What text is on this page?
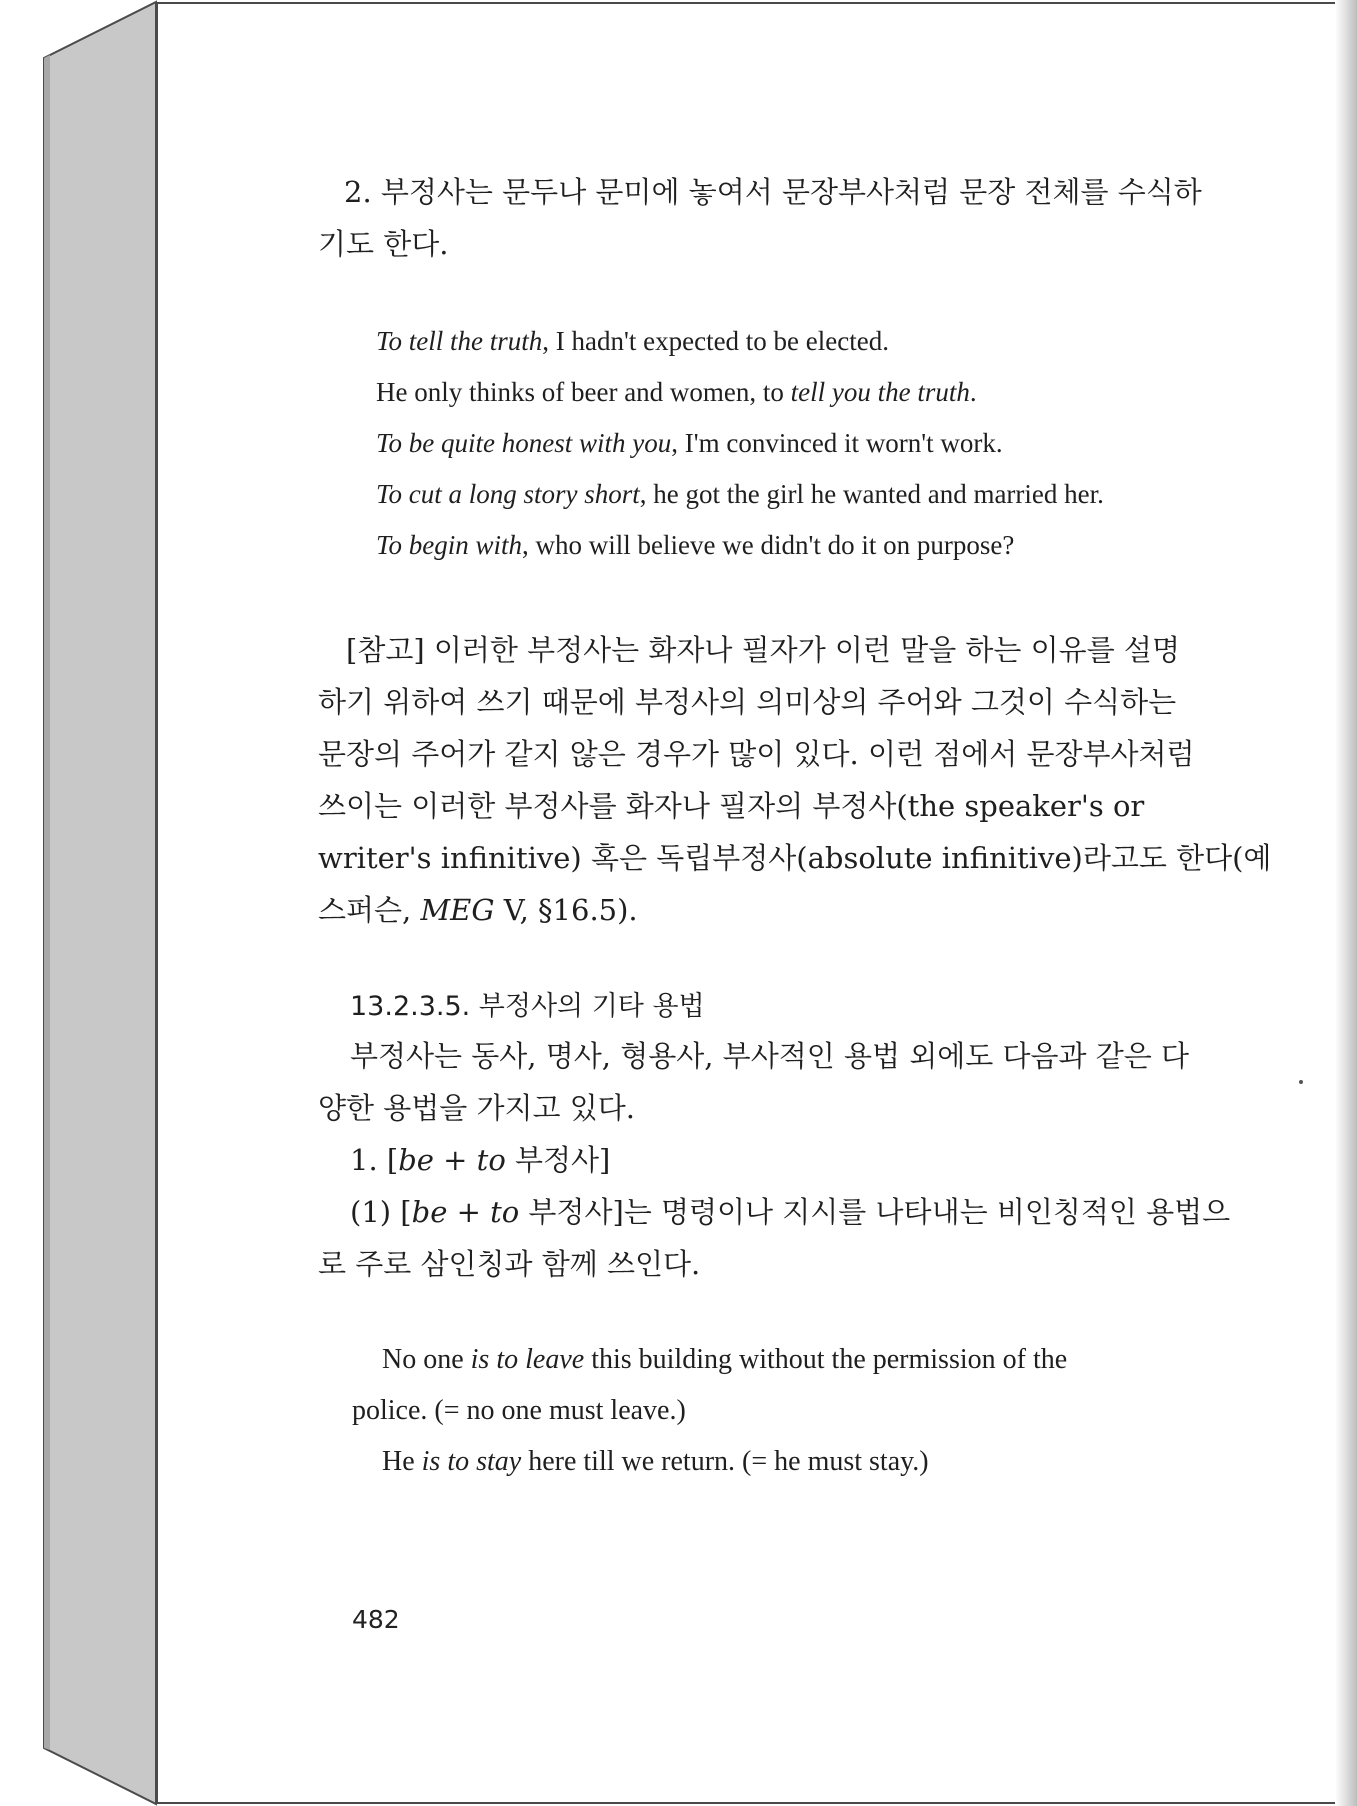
2. 부정사는 문두나 문미에 놓여서 문장부사처럼 문장 전체를 수식하
기도 한다.
To tell the truth, I hadn't expected to be elected.
He only thinks of beer and women, to tell you the truth.
To be quite honest with you, I'm convinced it worn't work.
To cut a long story short, he got the girl he wanted and married her.
To begin with, who will believe we didn't do it on purpose?
[참고] 이러한 부정사는 화자나 필자가 이런 말을 하는 이유를 설명
하기 위하여 쓰기 때문에 부정사의 의미상의 주어와 그것이 수식하는
문장의 주어가 같지 않은 경우가 많이 있다. 이런 점에서 문장부사처럼
쓰이는 이러한 부정사를 화자나 필자의 부정사(the speaker's or
writer's infinitive) 혹은 독립부정사(absolute infinitive)라고도 한다(예
스퍼슨, MEG V, §16.5).
13.2.3.5. 부정사의 기타 용법
부정사는 동사, 명사, 형용사, 부사적인 용법 외에도 다음과 같은 다
양한 용법을 가지고 있다.
1. [be + to 부정사]
(1) [be + to 부정사]는 명령이나 지시를 나타내는 비인칭적인 용법으
로 주로 삼인칭과 함께 쓰인다.
No one is to leave this building without the permission of the
police. (= no one must leave.)
He is to stay here till we return. (= he must stay.)
482
